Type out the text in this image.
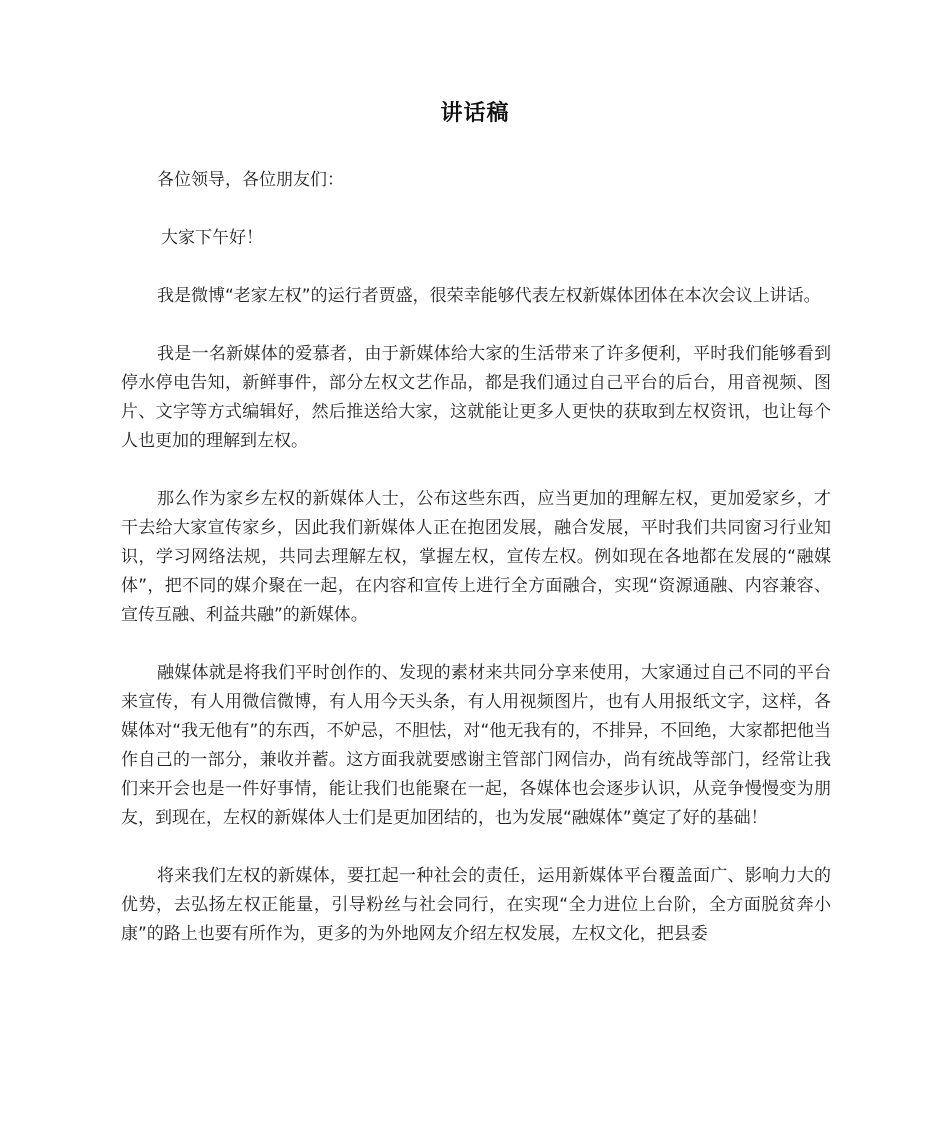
讲话稿

各位领导，各位朋友们：

大家下午好！

我是微博“老家左权”的运行者贾盛，很荣幸能够代表左权新媒体团体在本次会议上讲话。

我是一名新媒体的爱慕者，由于新媒体给大家的生活带来了许多便利，平时我们能够看到停水停电告知，新鲜事件，部分左权文艺作品，都是我们通过自己平台的后台，用音视频、图片、文字等方式编辑好，然后推送给大家，这就能让更多人更快的获取到左权资讯，也让每个人也更加的理解到左权。

那么作为家乡左权的新媒体人士，公布这些东西，应当更加的理解左权，更加爱家乡，才干去给大家宣传家乡，因此我们新媒体人正在抱团发展，融合发展，平时我们共同窗习行业知识，学习网络法规，共同去理解左权，掌握左权，宣传左权。例如现在各地都在发展的“融媒体”，把不同的媒介聚在一起，在内容和宣传上进行全方面融合，实现“资源通融、内容兼容、宣传互融、利益共融”的新媒体。

融媒体就是将我们平时创作的、发现的素材来共同分享来使用，大家通过自己不同的平台来宣传，有人用微信微博，有人用今天头条，有人用视频图片，也有人用报纸文字，这样，各媒体对“我无他有”的东西，不妒忌，不胆怯，对“他无我有的，不排异，不回绝，大家都把他当作自己的一部分，兼收并蓄。这方面我就要感谢主管部门网信办，尚有统战等部门，经常让我们来开会也是一件好事情，能让我们也能聚在一起，各媒体也会逐步认识，从竞争慢慢变为朋友，到现在，左权的新媒体人士们是更加团结的，也为发展“融媒体”奠定了好的基础！

将来我们左权的新媒体，要扛起一种社会的责任，运用新媒体平台覆盖面广、影响力大的优势，去弘扬左权正能量，引导粉丝与社会同行，在实现“全力进位上台阶，全方面脱贫奔小康”的路上也要有所作为，更多的为外地网友介绍左权发展，左权文化，把县委
